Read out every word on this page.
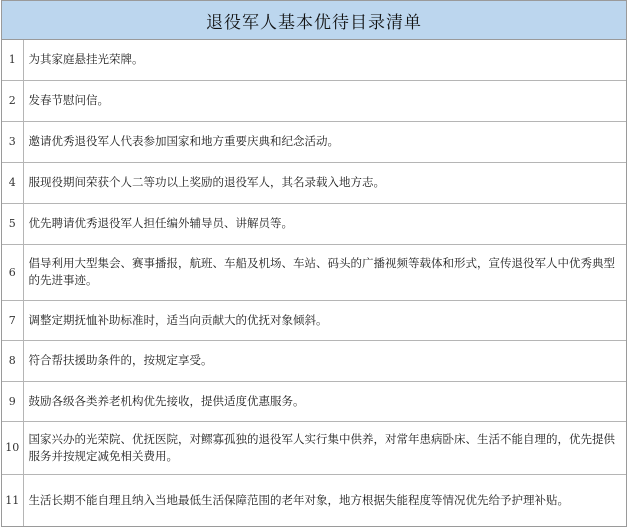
退役军人基本优待目录清单
1	为其家庭悬挂光荣牌。
2	发春节慰问信。
3	邀请优秀退役军人代表参加国家和地方重要庆典和纪念活动。
4	服现役期间荣获个人二等功以上奖励的退役军人，其名录载入地方志。
5	优先聘请优秀退役军人担任编外辅导员、讲解员等。
6	倡导利用大型集会、赛事播报，航班、车船及机场、车站、码头的广播视频等载体和形式，宣传退役军人中优秀典型的先进事迹。
7	调整定期抚恤补助标准时，适当向贡献大的优抚对象倾斜。
8	符合帮扶援助条件的，按规定享受。
9	鼓励各级各类养老机构优先接收，提供适度优惠服务。
10	国家兴办的光荣院、优抚医院，对鳏寡孤独的退役军人实行集中供养，对常年患病卧床、生活不能自理的，优先提供服务并按规定减免相关费用。
11	生活长期不能自理且纳入当地最低生活保障范围的老年对象，地方根据失能程度等情况优先给予护理补贴。
